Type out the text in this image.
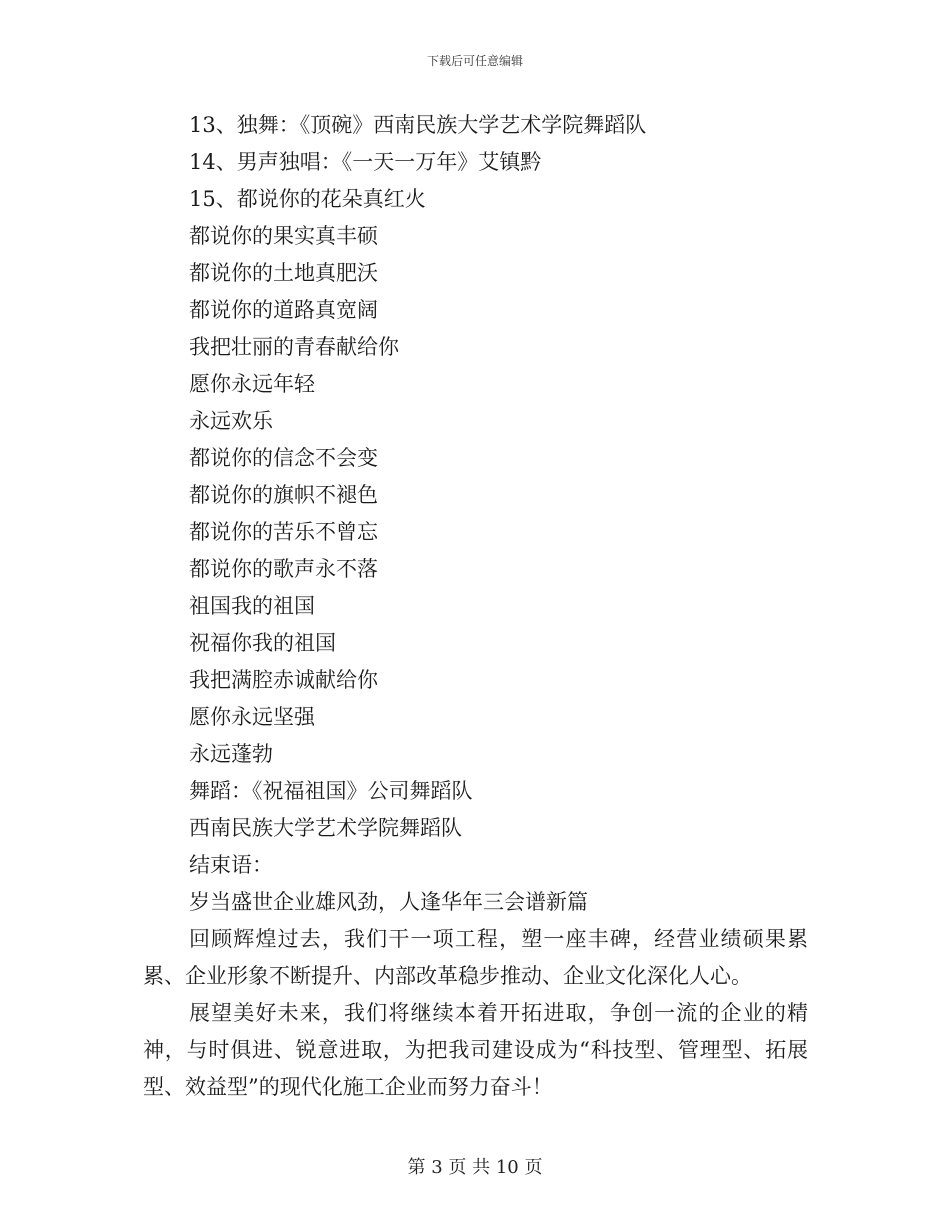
下载后可任意编辑
13、独舞：《顶碗》西南民族大学艺术学院舞蹈队
14、男声独唱：《一天一万年》艾镇黔
15、都说你的花朵真红火
都说你的果实真丰硕
都说你的土地真肥沃
都说你的道路真宽阔
我把壮丽的青春献给你
愿你永远年轻
永远欢乐
都说你的信念不会变
都说你的旗帜不褪色
都说你的苦乐不曾忘
都说你的歌声永不落
祖国我的祖国
祝福你我的祖国
我把满腔赤诚献给你
愿你永远坚强
永远蓬勃
舞蹈：《祝福祖国》公司舞蹈队
西南民族大学艺术学院舞蹈队
结束语：
岁当盛世企业雄风劲，人逢华年三会谱新篇

回顾辉煌过去，我们干一项工程，塑一座丰碑，经营业绩硕果累累、企业形象不断提升、内部改革稳步推动、企业文化深化人心。

展望美好未来，我们将继续本着开拓进取，争创一流的企业的精神，与时俱进、锐意进取，为把我司建设成为“科技型、管理型、拓展型、效益型”的现代化施工企业而努力奋斗！

第 3 页 共 10 页
